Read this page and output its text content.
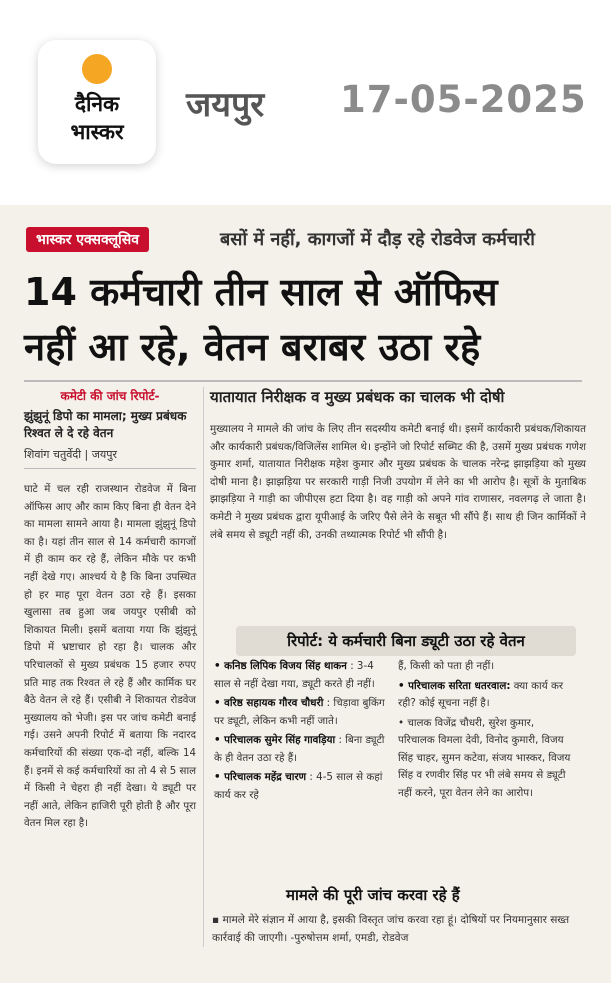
दैनिक
भास्कर
जयपुर 17-05-2025
भास्कर एक्सक्लूसिव	बसों में नहीं, कागजों में दौड़ रहे रोडवेज कर्मचारी
14 कर्मचारी तीन साल से ऑफिस
नहीं आ रहे, वेतन बराबर उठा रहे
कमेटी की जांच रिपोर्ट-
झुंझुनूं डिपो का मामला; मुख्य प्रबंधक रिश्वत ले दे रहे वेतन
शिवांग चतुर्वेदी | जयपुर
घाटे में चल रही राजस्थान रोडवेज में बिना ऑफिस आए और काम किए बिना ही वेतन देने का मामला सामने आया है। मामला झुंझुनूं डिपो का है। यहां तीन साल से 14 कर्मचारी कागजों में ही काम कर रहे हैं, लेकिन मौके पर कभी नहीं देखे गए। आश्चर्य ये है कि बिना उपस्थित हो हर माह पूरा वेतन उठा रहे हैं। इसका खुलासा तब हुआ जब जयपुर एसीबी को शिकायत मिली। इसमें बताया गया कि झुंझुनूं डिपो में भ्रष्टाचार हो रहा है। चालक और परिचालकों से मुख्य प्रबंधक 15 हजार रुपए प्रति माह तक रिश्वत ले रहे हैं और कार्मिक घर बैठे वेतन ले रहे हैं। एसीबी ने शिकायत रोडवेज मुख्यालय को भेजी। इस पर जांच कमेटी बनाई गई। उसने अपनी रिपोर्ट में बताया कि नदारद कर्मचारियों की संख्या एक-दो नहीं, बल्कि 14 हैं। इनमें से कई कर्मचारियों का तो 4 से 5 साल में किसी ने चेहरा ही नहीं देखा। ये ड्यूटी पर नहीं आते, लेकिन हाजिरी पूरी होती है और पूरा वेतन मिल रहा है।
यातायात निरीक्षक व मुख्य प्रबंधक का चालक भी दोषी
मुख्यालय ने मामले की जांच के लिए तीन सदस्यीय कमेटी बनाई थी। इसमें कार्यकारी प्रबंधक/शिकायत और कार्यकारी प्रबंधक/विजिलेंस शामिल थे। इन्होंने जो रिपोर्ट सब्मिट की है, उसमें मुख्य प्रबंधक गणेश कुमार शर्मा, यातायात निरीक्षक महेश कुमार और मुख्य प्रबंधक के चालक नरेन्द्र झाझड़िया को मुख्य दोषी माना है। झाझड़िया पर सरकारी गाड़ी निजी उपयोग में लेने का भी आरोप है। सूत्रों के मुताबिक झाझड़िया ने गाड़ी का जीपीएस हटा दिया है। वह गाड़ी को अपने गांव राणासर, नवलगढ़ ले जाता है। कमेटी ने मुख्य प्रबंधक द्वारा यूपीआई के जरिए पैसे लेने के सबूत भी सौंपे हैं। साथ ही जिन कार्मिकों ने लंबे समय से ड्यूटी नहीं की, उनकी तथ्यात्मक रिपोर्ट भी सौंपी है।
रिपोर्ट: ये कर्मचारी बिना ड्यूटी उठा रहे वेतन

• कनिष्ठ लिपिक विजय सिंह थाकन : 3-4 साल से नहीं देखा गया, ड्यूटी करते ही नहीं।

• वरिष्ठ सहायक गौरव चौधरी : चिड़ावा बुकिंग पर ड्यूटी, लेकिन कभी नहीं जाते।

• परिचालक सुमेर सिंह गावड़िया : बिना ड्यूटी के ही वेतन उठा रहे हैं।

• परिचालक महेंद्र चारण : 4-5 साल से कहां कार्य कर रहे

हैं, किसी को पता ही नहीं।

• परिचालक सरिता धतरवाल: क्या कार्य कर रही? कोई सूचना नहीं है।

• चालक विजेंद्र चौधरी, सुरेश कुमार, परिचालक विमला देवी, विनोद कुमारी, विजय सिंह चाहर, सुमन कटेवा, संजय भास्कर, विजय सिंह व रणवीर सिंह पर भी लंबे समय से ड्यूटी नहीं करने, पूरा वेतन लेने का आरोप।

मामले की पूरी जांच करवा रहे हैं
▪ मामले मेरे संज्ञान में आया है, इसकी विस्तृत जांच करवा रहा हूं। दोषियों पर नियमानुसार सख्त कार्रवाई की जाएगी। -पुरुषोत्तम शर्मा, एमडी, रोडवेज
